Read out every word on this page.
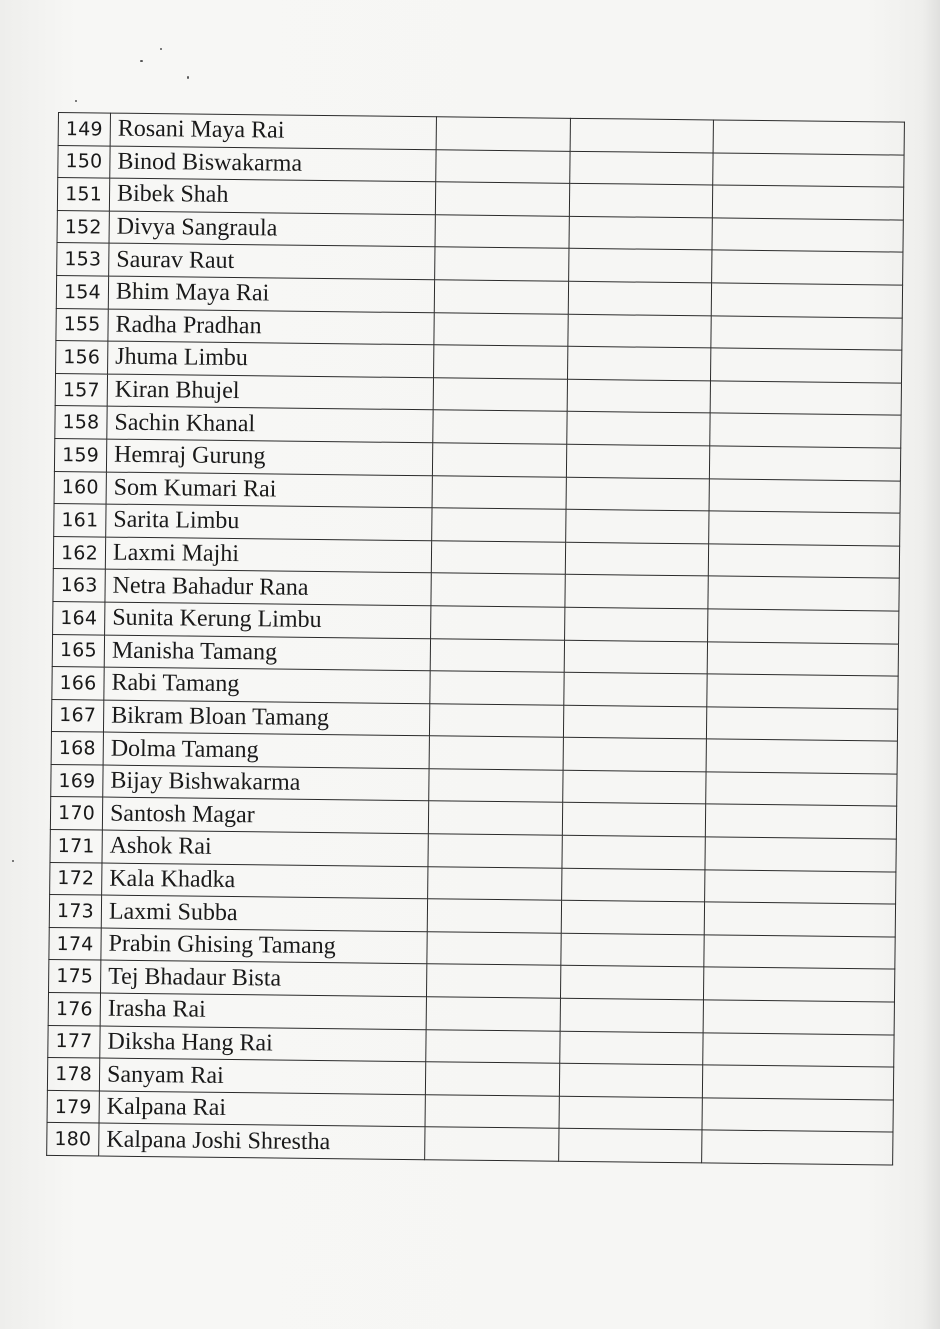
149	Rosani Maya Rai			
150	Binod Biswakarma			
151	Bibek Shah			
152	Divya Sangraula			
153	Saurav Raut			
154	Bhim Maya Rai			
155	Radha Pradhan			
156	Jhuma Limbu			
157	Kiran Bhujel			
158	Sachin Khanal			
159	Hemraj Gurung			
160	Som Kumari Rai			
161	Sarita Limbu			
162	Laxmi Majhi			
163	Netra Bahadur Rana			
164	Sunita Kerung Limbu			
165	Manisha Tamang			
166	Rabi Tamang			
167	Bikram Bloan Tamang			
168	Dolma Tamang			
169	Bijay Bishwakarma			
170	Santosh Magar			
171	Ashok Rai			
172	Kala Khadka			
173	Laxmi Subba			
174	Prabin Ghising Tamang			
175	Tej Bhadaur Bista			
176	Irasha Rai			
177	Diksha Hang Rai			
178	Sanyam Rai			
179	Kalpana Rai			
180	Kalpana Joshi Shrestha			
